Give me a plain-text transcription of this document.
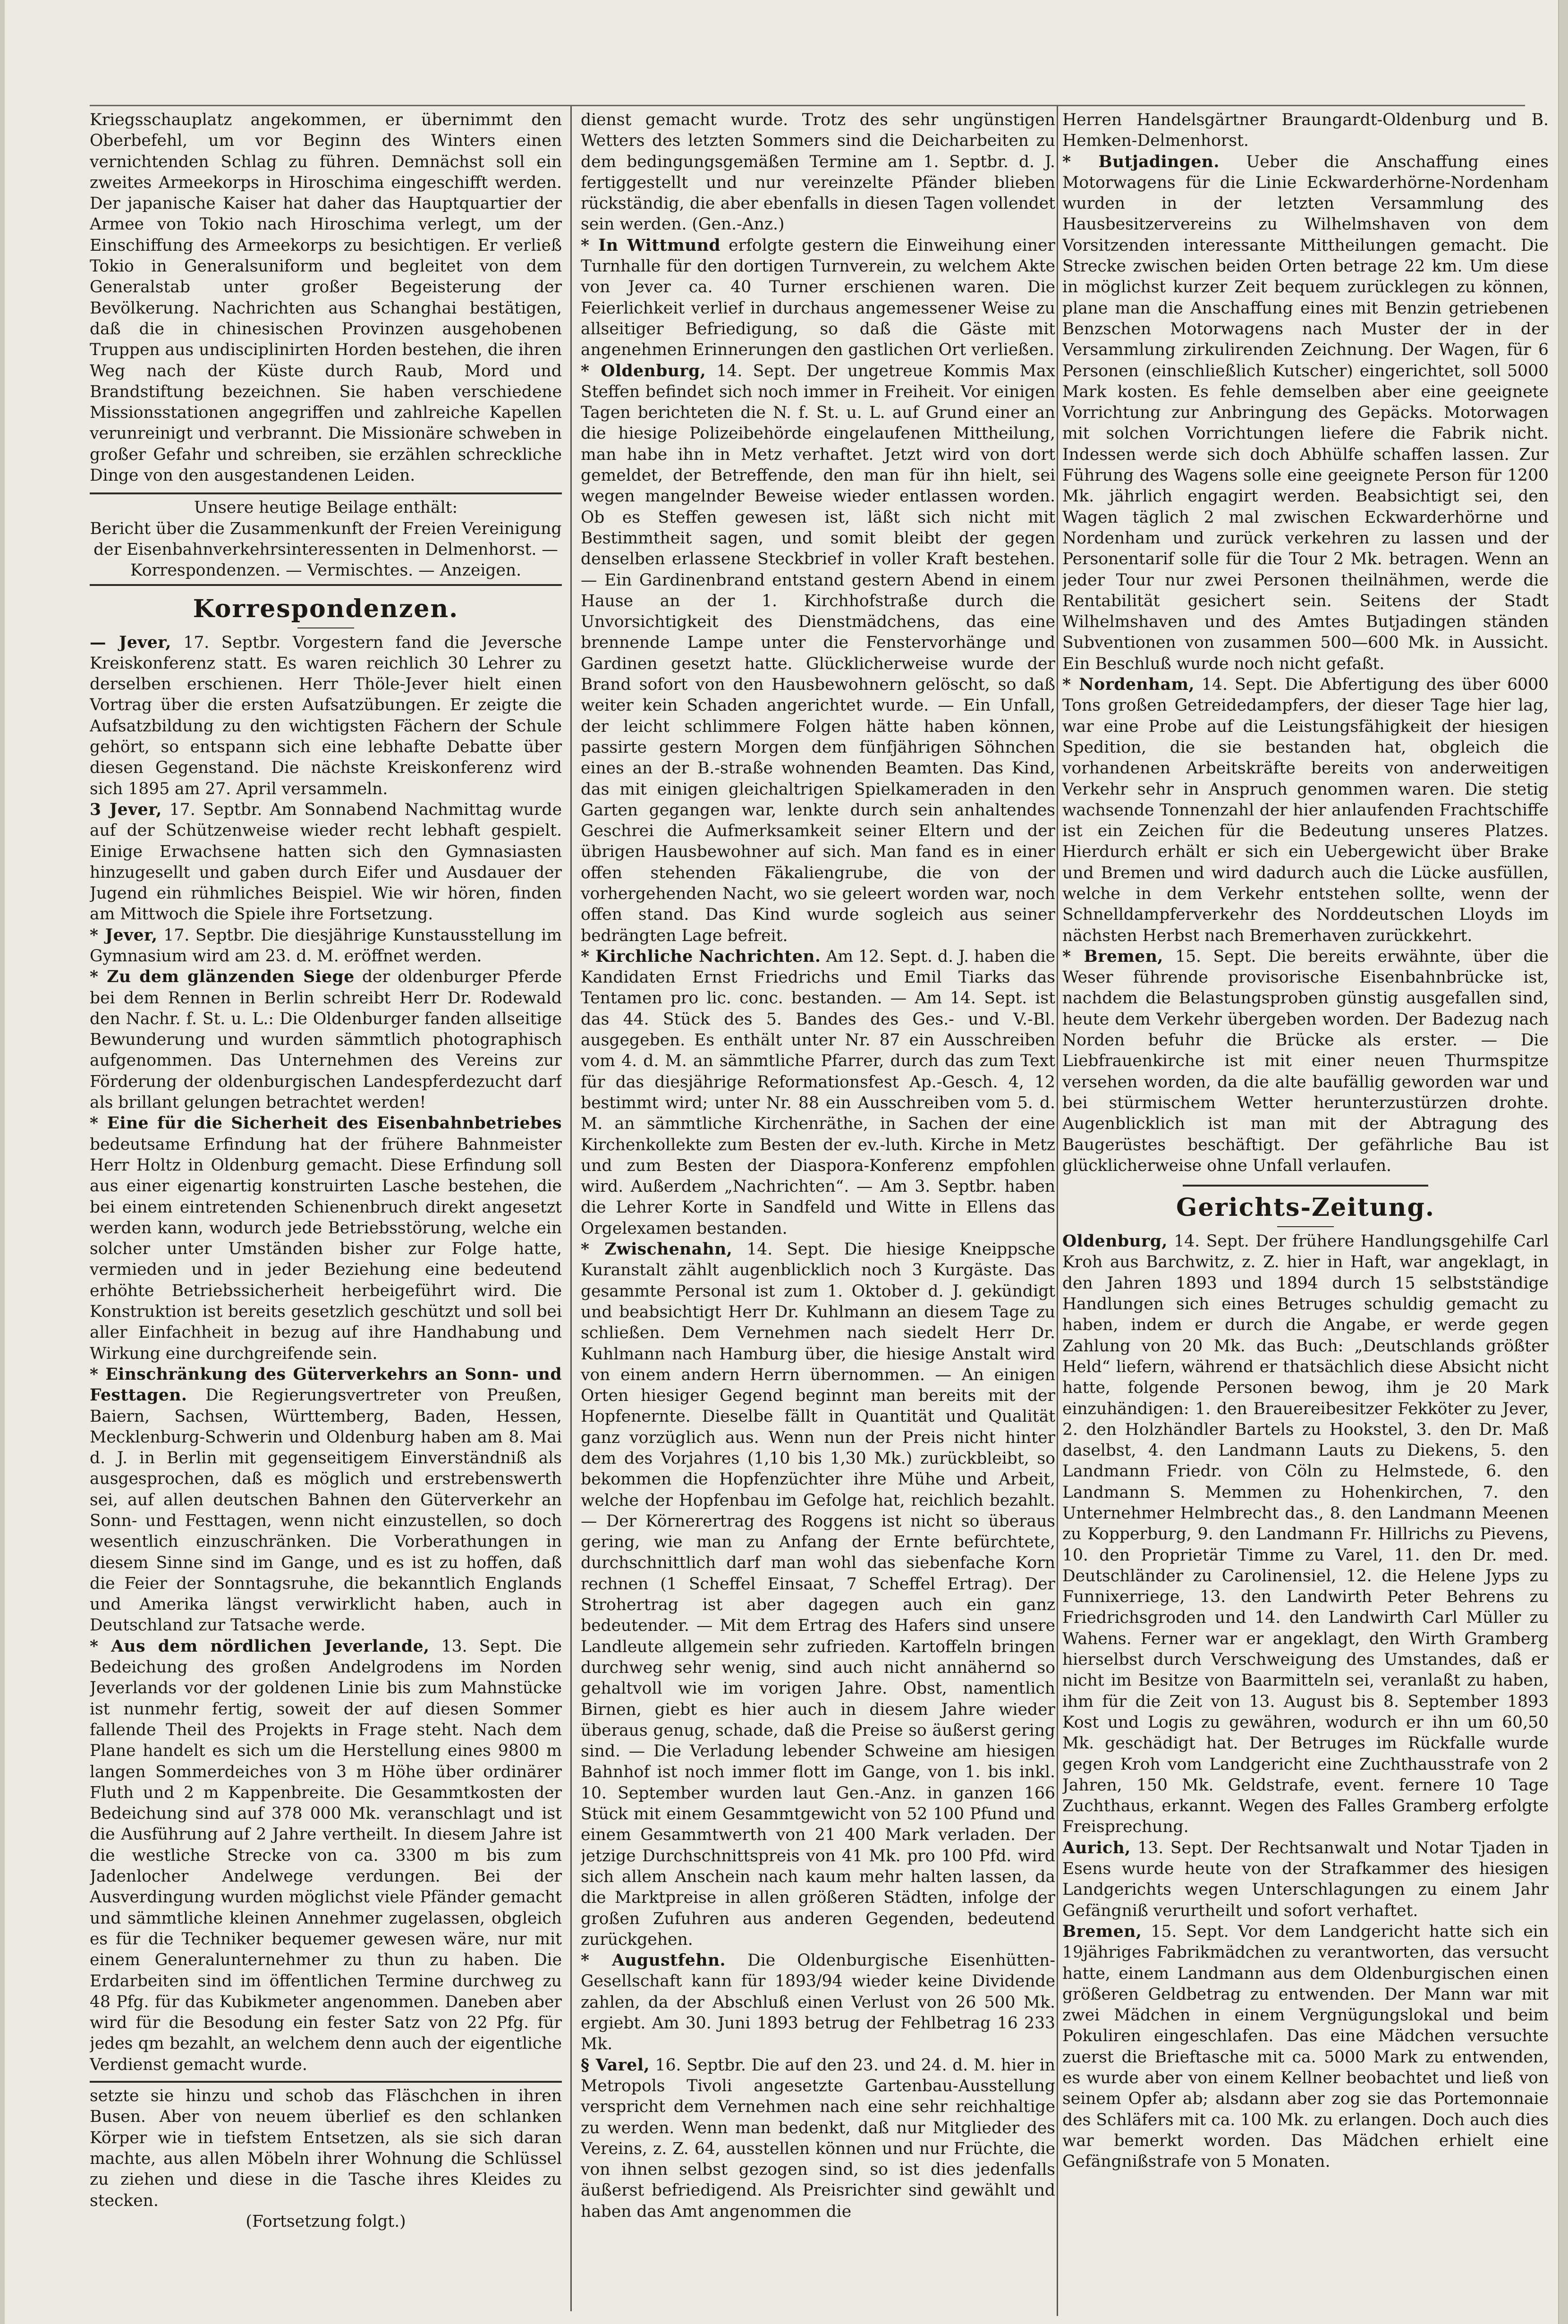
Kriegsschauplatz angekommen, er übernimmt den Oberbefehl, um vor Beginn des Winters einen vernichtenden Schlag zu führen. Demnächst soll ein zweites Armeekorps in Hiroschima eingeschifft werden. Der japanische Kaiser hat daher das Hauptquartier der Armee von Tokio nach Hiroschima verlegt, um der Einschiffung des Armeekorps zu besichtigen. Er verließ Tokio in Generalsuniform und begleitet von dem Generalstab unter großer Begeisterung der Bevölkerung. Nachrichten aus Schanghai bestätigen, daß die in chinesischen Provinzen ausgehobenen Truppen aus undisciplinirten Horden bestehen, die ihren Weg nach der Küste durch Raub, Mord und Brandstiftung bezeichnen. Sie haben verschiedene Missionsstationen angegriffen und zahlreiche Kapellen verunreinigt und verbrannt. Die Missionäre schweben in großer Gefahr und schreiben, sie erzählen schreckliche Dinge von den ausgestandenen Leiden.

Unsere heutige Beilage enthält:

Bericht über die Zusammenkunft der Freien Vereinigung der Eisenbahnverkehrsinteressenten in Delmenhorst. — Korrespondenzen. — Vermischtes. — Anzeigen.

Korrespondenzen.

— Jever, 17. Septbr. Vorgestern fand die Jeversche Kreiskonferenz statt. Es waren reichlich 30 Lehrer zu derselben erschienen. Herr Thöle-Jever hielt einen Vortrag über die ersten Aufsatzübungen. Er zeigte die Aufsatzbildung zu den wichtigsten Fächern der Schule gehört, so entspann sich eine lebhafte Debatte über diesen Gegenstand. Die nächste Kreiskonferenz wird sich 1895 am 27. April versammeln.

3 Jever, 17. Septbr. Am Sonnabend Nachmittag wurde auf der Schützenweise wieder recht lebhaft gespielt. Einige Erwachsene hatten sich den Gymnasiasten hinzugesellt und gaben durch Eifer und Ausdauer der Jugend ein rühmliches Beispiel. Wie wir hören, finden am Mittwoch die Spiele ihre Fortsetzung.

* Jever, 17. Septbr. Die diesjährige Kunstausstellung im Gymnasium wird am 23. d. M. eröffnet werden.

* Zu dem glänzenden Siege der oldenburger Pferde bei dem Rennen in Berlin schreibt Herr Dr. Rodewald den Nachr. f. St. u. L.: Die Oldenburger fanden allseitige Bewunderung und wurden sämmtlich photographisch aufgenommen. Das Unternehmen des Vereins zur Förderung der oldenburgischen Landespferdezucht darf als brillant gelungen betrachtet werden!

* Eine für die Sicherheit des Eisenbahnbetriebes bedeutsame Erfindung hat der frühere Bahnmeister Herr Holtz in Oldenburg gemacht. Diese Erfindung soll aus einer eigenartig konstruirten Lasche bestehen, die bei einem eintretenden Schienenbruch direkt angesetzt werden kann, wodurch jede Betriebsstörung, welche ein solcher unter Umständen bisher zur Folge hatte, vermieden und in jeder Beziehung eine bedeutend erhöhte Betriebssicherheit herbeigeführt wird. Die Konstruktion ist bereits gesetzlich geschützt und soll bei aller Einfachheit in bezug auf ihre Handhabung und Wirkung eine durchgreifende sein.

* Einschränkung des Güterverkehrs an Sonn- und Festtagen. Die Regierungsvertreter von Preußen, Baiern, Sachsen, Württemberg, Baden, Hessen, Mecklenburg-Schwerin und Oldenburg haben am 8. Mai d. J. in Berlin mit gegenseitigem Einverständniß als ausgesprochen, daß es möglich und erstrebenswerth sei, auf allen deutschen Bahnen den Güterverkehr an Sonn- und Festtagen, wenn nicht einzustellen, so doch wesentlich einzuschränken. Die Vorberathungen in diesem Sinne sind im Gange, und es ist zu hoffen, daß die Feier der Sonntagsruhe, die bekanntlich Englands und Amerika längst verwirklicht haben, auch in Deutschland zur Tatsache werde.

* Aus dem nördlichen Jeverlande, 13. Sept. Die Bedeichung des großen Andelgrodens im Norden Jeverlands vor der goldenen Linie bis zum Mahnstücke ist nunmehr fertig, soweit der auf diesen Sommer fallende Theil des Projekts in Frage steht. Nach dem Plane handelt es sich um die Herstellung eines 9800 m langen Sommerdeiches von 3 m Höhe über ordinärer Fluth und 2 m Kappenbreite. Die Gesammtkosten der Bedeichung sind auf 378 000 Mk. veranschlagt und ist die Ausführung auf 2 Jahre vertheilt. In diesem Jahre ist die westliche Strecke von ca. 3300 m bis zum Jadenlocher Andelwege verdungen. Bei der Ausverdingung wurden möglichst viele Pfänder gemacht und sämmtliche kleinen Annehmer zugelassen, obgleich es für die Techniker bequemer gewesen wäre, nur mit einem Generalunternehmer zu thun zu haben. Die Erdarbeiten sind im öffentlichen Termine durchweg zu 48 Pfg. für das Kubikmeter angenommen. Daneben aber wird für die Besodung ein fester Satz von 22 Pfg. für jedes qm bezahlt, an welchem denn auch der eigentliche Verdienst gemacht wurde.

setzte sie hinzu und schob das Fläschchen in ihren Busen. Aber von neuem überlief es den schlanken Körper wie in tiefstem Entsetzen, als sie sich daran machte, aus allen Möbeln ihrer Wohnung die Schlüssel zu ziehen und diese in die Tasche ihres Kleides zu stecken.

(Fortsetzung folgt.)

dienst gemacht wurde. Trotz des sehr ungünstigen Wetters des letzten Sommers sind die Deicharbeiten zu dem bedingungsgemäßen Termine am 1. Septbr. d. J. fertiggestellt und nur vereinzelte Pfänder blieben rückständig, die aber ebenfalls in diesen Tagen vollendet sein werden. (Gen.-Anz.)

* In Wittmund erfolgte gestern die Einweihung einer Turnhalle für den dortigen Turnverein, zu welchem Akte von Jever ca. 40 Turner erschienen waren. Die Feierlichkeit verlief in durchaus angemessener Weise zu allseitiger Befriedigung, so daß die Gäste mit angenehmen Erinnerungen den gastlichen Ort verließen.

* Oldenburg, 14. Sept. Der ungetreue Kommis Max Steffen befindet sich noch immer in Freiheit. Vor einigen Tagen berichteten die N. f. St. u. L. auf Grund einer an die hiesige Polizeibehörde eingelaufenen Mittheilung, man habe ihn in Metz verhaftet. Jetzt wird von dort gemeldet, der Betreffende, den man für ihn hielt, sei wegen mangelnder Beweise wieder entlassen worden. Ob es Steffen gewesen ist, läßt sich nicht mit Bestimmtheit sagen, und somit bleibt der gegen denselben erlassene Steckbrief in voller Kraft bestehen. — Ein Gardinenbrand entstand gestern Abend in einem Hause an der 1. Kirchhofstraße durch die Unvorsichtigkeit des Dienstmädchens, das eine brennende Lampe unter die Fenstervorhänge und Gardinen gesetzt hatte. Glücklicherweise wurde der Brand sofort von den Hausbewohnern gelöscht, so daß weiter kein Schaden angerichtet wurde. — Ein Unfall, der leicht schlimmere Folgen hätte haben können, passirte gestern Morgen dem fünfjährigen Söhnchen eines an der B.-straße wohnenden Beamten. Das Kind, das mit einigen gleichaltrigen Spielkameraden in den Garten gegangen war, lenkte durch sein anhaltendes Geschrei die Aufmerksamkeit seiner Eltern und der übrigen Hausbewohner auf sich. Man fand es in einer offen stehenden Fäkaliengrube, die von der vorhergehenden Nacht, wo sie geleert worden war, noch offen stand. Das Kind wurde sogleich aus seiner bedrängten Lage befreit.

* Kirchliche Nachrichten. Am 12. Sept. d. J. haben die Kandidaten Ernst Friedrichs und Emil Tiarks das Tentamen pro lic. conc. bestanden. — Am 14. Sept. ist das 44. Stück des 5. Bandes des Ges.- und V.-Bl. ausgegeben. Es enthält unter Nr. 87 ein Ausschreiben vom 4. d. M. an sämmtliche Pfarrer, durch das zum Text für das diesjährige Reformationsfest Ap.-Gesch. 4, 12 bestimmt wird; unter Nr. 88 ein Ausschreiben vom 5. d. M. an sämmtliche Kirchenräthe, in Sachen der eine Kirchenkollekte zum Besten der ev.-luth. Kirche in Metz und zum Besten der Diaspora-Konferenz empfohlen wird. Außerdem „Nachrichten“. — Am 3. Septbr. haben die Lehrer Korte in Sandfeld und Witte in Ellens das Orgelexamen bestanden.

* Zwischenahn, 14. Sept. Die hiesige Kneippsche Kuranstalt zählt augenblicklich noch 3 Kurgäste. Das gesammte Personal ist zum 1. Oktober d. J. gekündigt und beabsichtigt Herr Dr. Kuhlmann an diesem Tage zu schließen. Dem Vernehmen nach siedelt Herr Dr. Kuhlmann nach Hamburg über, die hiesige Anstalt wird von einem andern Herrn übernommen. — An einigen Orten hiesiger Gegend beginnt man bereits mit der Hopfenernte. Dieselbe fällt in Quantität und Qualität ganz vorzüglich aus. Wenn nun der Preis nicht hinter dem des Vorjahres (1,10 bis 1,30 Mk.) zurückbleibt, so bekommen die Hopfenzüchter ihre Mühe und Arbeit, welche der Hopfenbau im Gefolge hat, reichlich bezahlt. — Der Körnerertrag des Roggens ist nicht so überaus gering, wie man zu Anfang der Ernte befürchtete, durchschnittlich darf man wohl das siebenfache Korn rechnen (1 Scheffel Einsaat, 7 Scheffel Ertrag). Der Strohertrag ist aber dagegen auch ein ganz bedeutender. — Mit dem Ertrag des Hafers sind unsere Landleute allgemein sehr zufrieden. Kartoffeln bringen durchweg sehr wenig, sind auch nicht annähernd so gehaltvoll wie im vorigen Jahre. Obst, namentlich Birnen, giebt es hier auch in diesem Jahre wieder überaus genug, schade, daß die Preise so äußerst gering sind. — Die Verladung lebender Schweine am hiesigen Bahnhof ist noch immer flott im Gange, von 1. bis inkl. 10. September wurden laut Gen.-Anz. in ganzen 166 Stück mit einem Gesammtgewicht von 52 100 Pfund und einem Gesammtwerth von 21 400 Mark verladen. Der jetzige Durchschnittspreis von 41 Mk. pro 100 Pfd. wird sich allem Anschein nach kaum mehr halten lassen, da die Marktpreise in allen größeren Städten, infolge der großen Zufuhren aus anderen Gegenden, bedeutend zurückgehen.

* Augustfehn. Die Oldenburgische Eisenhütten-Gesellschaft kann für 1893/94 wieder keine Dividende zahlen, da der Abschluß einen Verlust von 26 500 Mk. ergiebt. Am 30. Juni 1893 betrug der Fehlbetrag 16 233 Mk.

§ Varel, 16. Septbr. Die auf den 23. und 24. d. M. hier in Metropols Tivoli angesetzte Gartenbau-Ausstellung verspricht dem Vernehmen nach eine sehr reichhaltige zu werden. Wenn man bedenkt, daß nur Mitglieder des Vereins, z. Z. 64, ausstellen können und nur Früchte, die von ihnen selbst gezogen sind, so ist dies jedenfalls äußerst befriedigend. Als Preisrichter sind gewählt und haben das Amt angenommen die

Herren Handelsgärtner Braungardt-Oldenburg und B. Hemken-Delmenhorst.

* Butjadingen. Ueber die Anschaffung eines Motorwagens für die Linie Eckwarderhörne-Nordenham wurden in der letzten Versammlung des Hausbesitzervereins zu Wilhelmshaven von dem Vorsitzenden interessante Mittheilungen gemacht. Die Strecke zwischen beiden Orten betrage 22 km. Um diese in möglichst kurzer Zeit bequem zurücklegen zu können, plane man die Anschaffung eines mit Benzin getriebenen Benzschen Motorwagens nach Muster der in der Versammlung zirkulirenden Zeichnung. Der Wagen, für 6 Personen (einschließlich Kutscher) eingerichtet, soll 5000 Mark kosten. Es fehle demselben aber eine geeignete Vorrichtung zur Anbringung des Gepäcks. Motorwagen mit solchen Vorrichtungen liefere die Fabrik nicht. Indessen werde sich doch Abhülfe schaffen lassen. Zur Führung des Wagens solle eine geeignete Person für 1200 Mk. jährlich engagirt werden. Beabsichtigt sei, den Wagen täglich 2 mal zwischen Eckwarderhörne und Nordenham und zurück verkehren zu lassen und der Personentarif solle für die Tour 2 Mk. betragen. Wenn an jeder Tour nur zwei Personen theilnähmen, werde die Rentabilität gesichert sein. Seitens der Stadt Wilhelmshaven und des Amtes Butjadingen ständen Subventionen von zusammen 500—600 Mk. in Aussicht. Ein Beschluß wurde noch nicht gefaßt.

* Nordenham, 14. Sept. Die Abfertigung des über 6000 Tons großen Getreidedampfers, der dieser Tage hier lag, war eine Probe auf die Leistungsfähigkeit der hiesigen Spedition, die sie bestanden hat, obgleich die vorhandenen Arbeitskräfte bereits von anderweitigen Verkehr sehr in Anspruch genommen waren. Die stetig wachsende Tonnenzahl der hier anlaufenden Frachtschiffe ist ein Zeichen für die Bedeutung unseres Platzes. Hierdurch erhält er sich ein Uebergewicht über Brake und Bremen und wird dadurch auch die Lücke ausfüllen, welche in dem Verkehr entstehen sollte, wenn der Schnelldampferverkehr des Norddeutschen Lloyds im nächsten Herbst nach Bremerhaven zurückkehrt.

* Bremen, 15. Sept. Die bereits erwähnte, über die Weser führende provisorische Eisenbahnbrücke ist, nachdem die Belastungsproben günstig ausgefallen sind, heute dem Verkehr übergeben worden. Der Badezug nach Norden befuhr die Brücke als erster. — Die Liebfrauenkirche ist mit einer neuen Thurmspitze versehen worden, da die alte baufällig geworden war und bei stürmischem Wetter herunterzustürzen drohte. Augenblicklich ist man mit der Abtragung des Baugerüstes beschäftigt. Der gefährliche Bau ist glücklicherweise ohne Unfall verlaufen.

Gerichts-Zeitung.

Oldenburg, 14. Sept. Der frühere Handlungsgehilfe Carl Kroh aus Barchwitz, z. Z. hier in Haft, war angeklagt, in den Jahren 1893 und 1894 durch 15 selbstständige Handlungen sich eines Betruges schuldig gemacht zu haben, indem er durch die Angabe, er werde gegen Zahlung von 20 Mk. das Buch: „Deutschlands größter Held“ liefern, während er thatsächlich diese Absicht nicht hatte, folgende Personen bewog, ihm je 20 Mark einzuhändigen: 1. den Brauereibesitzer Fekköter zu Jever, 2. den Holzhändler Bartels zu Hookstel, 3. den Dr. Maß daselbst, 4. den Landmann Lauts zu Diekens, 5. den Landmann Friedr. von Cöln zu Helmstede, 6. den Landmann S. Memmen zu Hohenkirchen, 7. den Unternehmer Helmbrecht das., 8. den Landmann Meenen zu Kopperburg, 9. den Landmann Fr. Hillrichs zu Pievens, 10. den Proprietär Timme zu Varel, 11. den Dr. med. Deutschländer zu Carolinensiel, 12. die Helene Jyps zu Funnixerriege, 13. den Landwirth Peter Behrens zu Friedrichsgroden und 14. den Landwirth Carl Müller zu Wahens. Ferner war er angeklagt, den Wirth Gramberg hierselbst durch Verschweigung des Umstandes, daß er nicht im Besitze von Baarmitteln sei, veranlaßt zu haben, ihm für die Zeit von 13. August bis 8. September 1893 Kost und Logis zu gewähren, wodurch er ihn um 60,50 Mk. geschädigt hat. Der Betruges im Rückfalle wurde gegen Kroh vom Landgericht eine Zuchthausstrafe von 2 Jahren, 150 Mk. Geldstrafe, event. fernere 10 Tage Zuchthaus, erkannt. Wegen des Falles Gramberg erfolgte Freisprechung.

Aurich, 13. Sept. Der Rechtsanwalt und Notar Tjaden in Esens wurde heute von der Strafkammer des hiesigen Landgerichts wegen Unterschlagungen zu einem Jahr Gefängniß verurtheilt und sofort verhaftet.

Bremen, 15. Sept. Vor dem Landgericht hatte sich ein 19jähriges Fabrikmädchen zu verantworten, das versucht hatte, einem Landmann aus dem Oldenburgischen einen größeren Geldbetrag zu entwenden. Der Mann war mit zwei Mädchen in einem Vergnügungslokal und beim Pokuliren eingeschlafen. Das eine Mädchen versuchte zuerst die Brieftasche mit ca. 5000 Mark zu entwenden, es wurde aber von einem Kellner beobachtet und ließ von seinem Opfer ab; alsdann aber zog sie das Portemonnaie des Schläfers mit ca. 100 Mk. zu erlangen. Doch auch dies war bemerkt worden. Das Mädchen erhielt eine Gefängnißstrafe von 5 Monaten.
